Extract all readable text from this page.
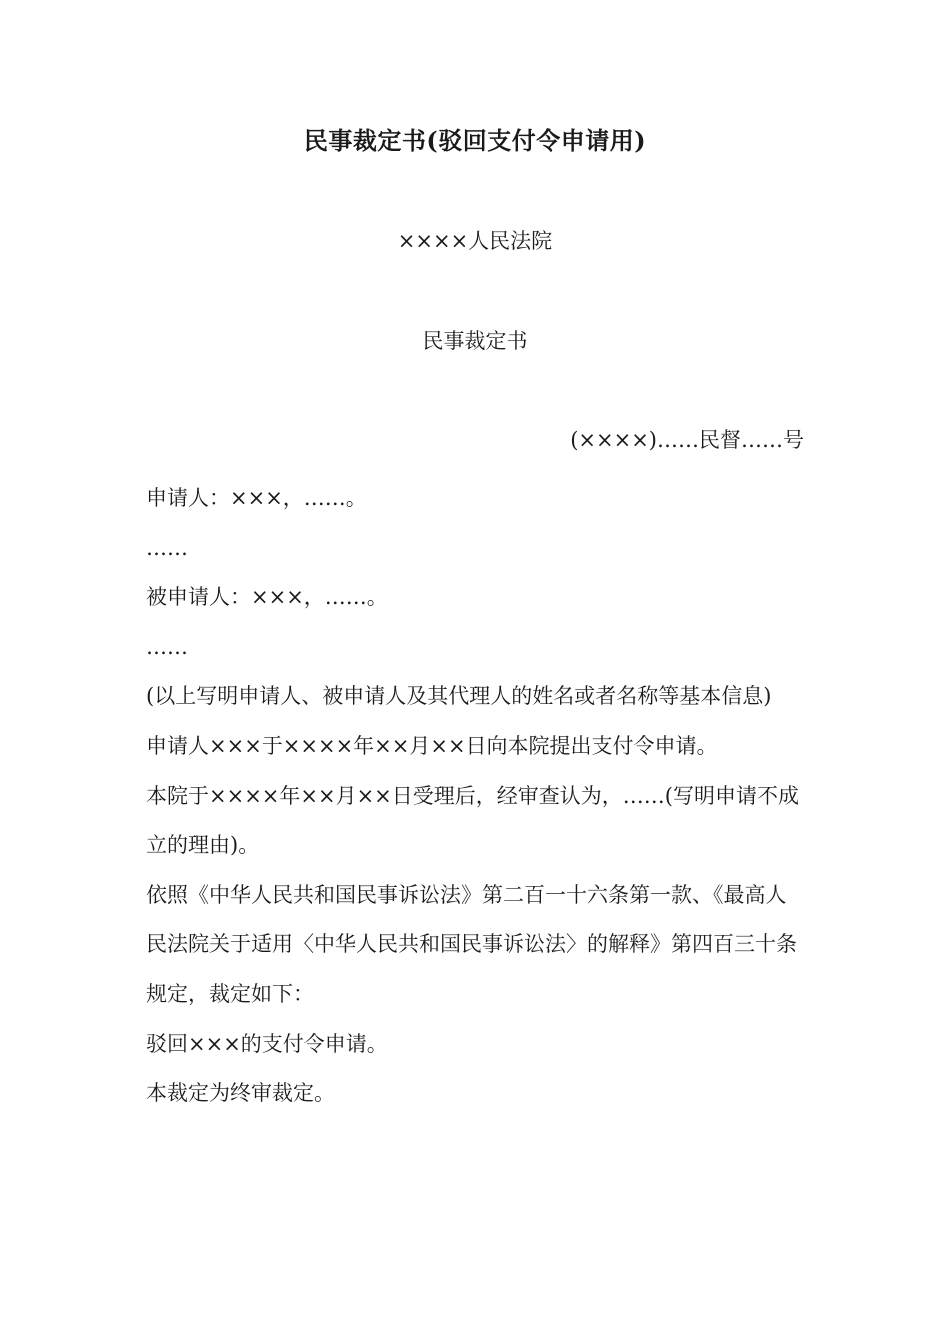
民事裁定书(驳回支付令申请用)
××××人民法院
民事裁定书
(××××)……民督……号

申请人：×××，……。

……

被申请人：×××，……。

……

(以上写明申请人、被申请人及其代理人的姓名或者名称等基本信息)

申请人×××于××××年××月××日向本院提出支付令申请。

本院于××××年××月××日受理后，经审查认为，……(写明申请不成立的理由)。

依照《中华人民共和国民事诉讼法》第二百一十六条第一款、《最高人民法院关于适用〈中华人民共和国民事诉讼法〉的解释》第四百三十条规定，裁定如下：

驳回×××的支付令申请。

本裁定为终审裁定。
